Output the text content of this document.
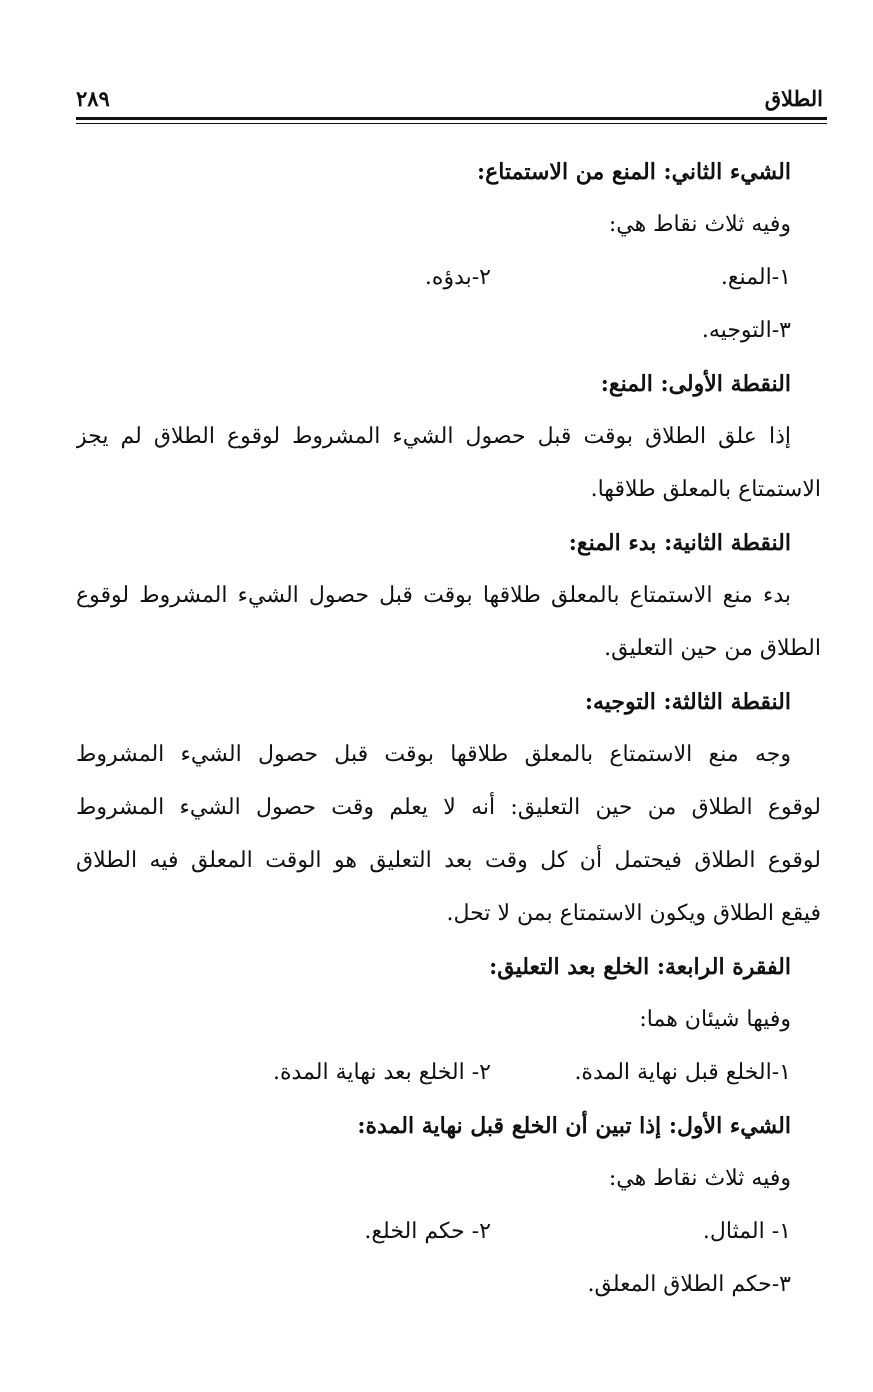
الطلاق
٢٨٩
الشيء الثاني: المنع من الاستمتاع:
وفيه ثلاث نقاط هي:
١-المنع.
٢-بدؤه.
٣-التوجيه.
النقطة الأولى: المنع:
إذا علق الطلاق بوقت قبل حصول الشيء المشروط لوقوع الطلاق لم يجز
الاستمتاع بالمعلق طلاقها.
النقطة الثانية: بدء المنع:
بدء منع الاستمتاع بالمعلق طلاقها بوقت قبل حصول الشيء المشروط لوقوع
الطلاق من حين التعليق.
النقطة الثالثة: التوجيه:
وجه منع الاستمتاع بالمعلق طلاقها بوقت قبل حصول الشيء المشروط
لوقوع الطلاق من حين التعليق: أنه لا يعلم وقت حصول الشيء المشروط
لوقوع الطلاق فيحتمل أن كل وقت بعد التعليق هو الوقت المعلق فيه الطلاق
فيقع الطلاق ويكون الاستمتاع بمن لا تحل.
الفقرة الرابعة: الخلع بعد التعليق:
وفيها شيئان هما:
١-الخلع قبل نهاية المدة.
٢- الخلع بعد نهاية المدة.
الشيء الأول: إذا تبين أن الخلع قبل نهاية المدة:
وفيه ثلاث نقاط هي:
١- المثال.
٢- حكم الخلع.
٣-حكم الطلاق المعلق.
